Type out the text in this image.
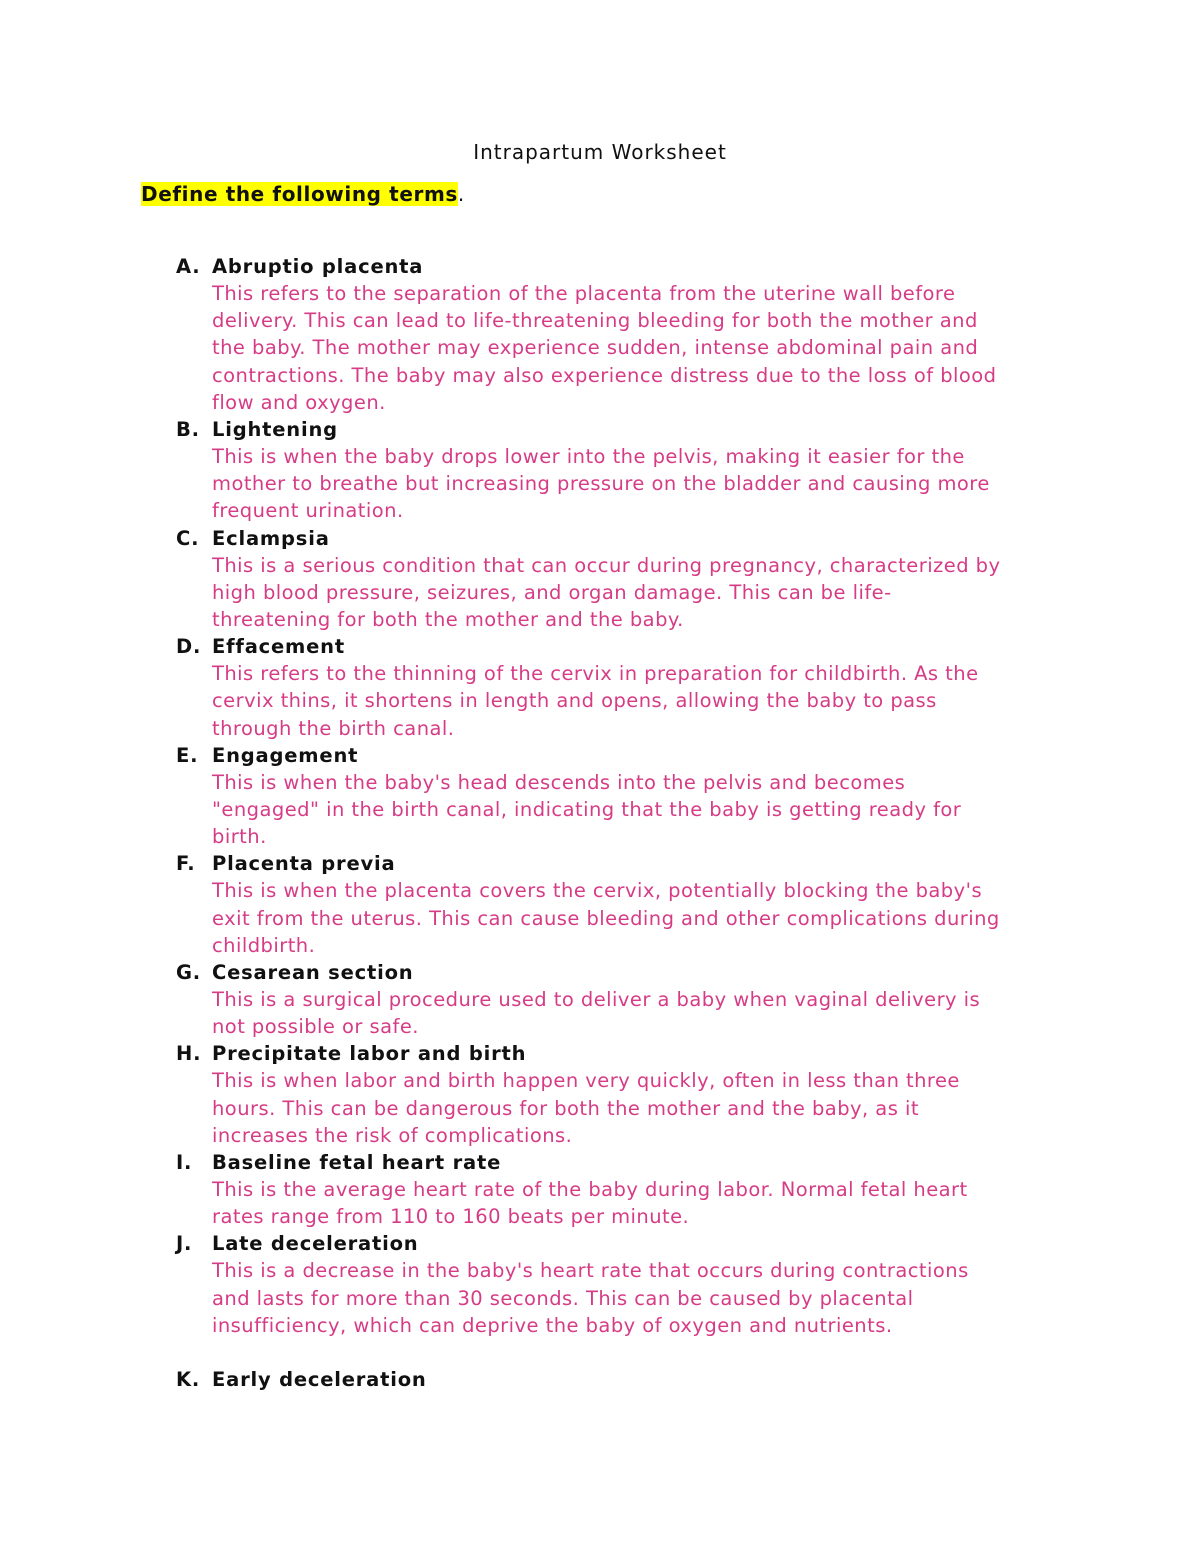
Intrapartum Worksheet
Define the following terms.
A. Abruptio placenta
This refers to the separation of the placenta from the uterine wall before
delivery. This can lead to life-threatening bleeding for both the mother and
the baby. The mother may experience sudden, intense abdominal pain and
contractions. The baby may also experience distress due to the loss of blood
flow and oxygen.
B. Lightening
This is when the baby drops lower into the pelvis, making it easier for the
mother to breathe but increasing pressure on the bladder and causing more
frequent urination.
C. Eclampsia
This is a serious condition that can occur during pregnancy, characterized by
high blood pressure, seizures, and organ damage. This can be life-
threatening for both the mother and the baby.
D. Effacement
This refers to the thinning of the cervix in preparation for childbirth. As the
cervix thins, it shortens in length and opens, allowing the baby to pass
through the birth canal.
E. Engagement
This is when the baby's head descends into the pelvis and becomes
"engaged" in the birth canal, indicating that the baby is getting ready for
birth.
F. Placenta previa
This is when the placenta covers the cervix, potentially blocking the baby's
exit from the uterus. This can cause bleeding and other complications during
childbirth.
G. Cesarean section
This is a surgical procedure used to deliver a baby when vaginal delivery is
not possible or safe.
H. Precipitate labor and birth
This is when labor and birth happen very quickly, often in less than three
hours. This can be dangerous for both the mother and the baby, as it
increases the risk of complications.
I. Baseline fetal heart rate
This is the average heart rate of the baby during labor. Normal fetal heart
rates range from 110 to 160 beats per minute.
J. Late deceleration
This is a decrease in the baby's heart rate that occurs during contractions
and lasts for more than 30 seconds. This can be caused by placental
insufficiency, which can deprive the baby of oxygen and nutrients.
K. Early deceleration
